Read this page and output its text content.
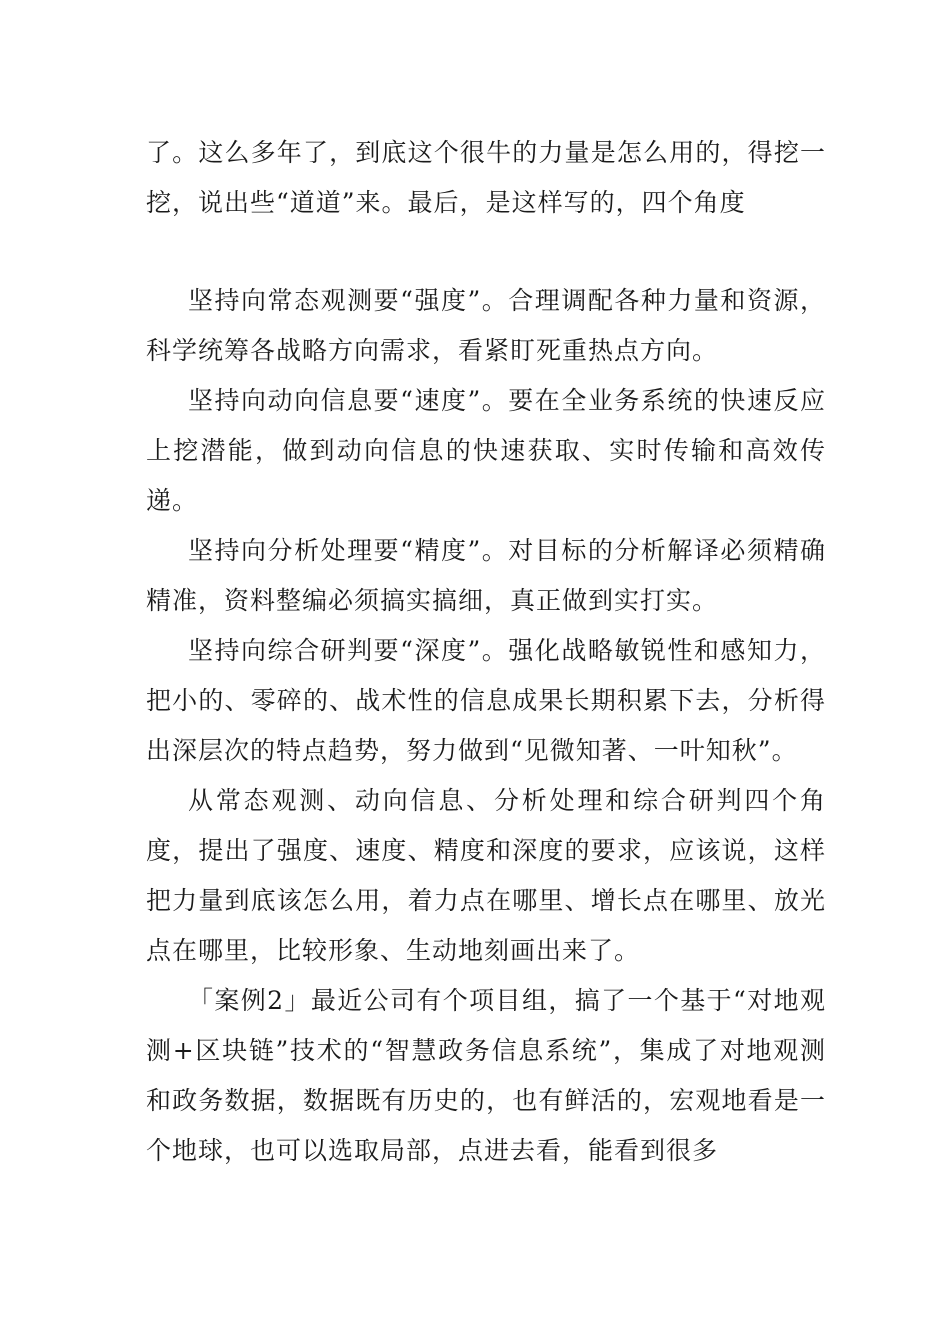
了。这么多年了，到底这个很牛的力量是怎么用的，得挖一挖，说出些“道道”来。最后，是这样写的，四个角度

坚持向常态观测要“强度”。合理调配各种力量和资源，科学统筹各战略方向需求，看紧盯死重热点方向。

坚持向动向信息要“速度”。要在全业务系统的快速反应上挖潜能，做到动向信息的快速获取、实时传输和高效传递。

坚持向分析处理要“精度”。对目标的分析解译必须精确精准，资料整编必须搞实搞细，真正做到实打实。

坚持向综合研判要“深度”。强化战略敏锐性和感知力，把小的、零碎的、战术性的信息成果长期积累下去，分析得出深层次的特点趋势，努力做到“见微知著、一叶知秋”。

从常态观测、动向信息、分析处理和综合研判四个角度，提出了强度、速度、精度和深度的要求，应该说，这样把力量到底该怎么用，着力点在哪里、增长点在哪里、放光点在哪里，比较形象、生动地刻画出来了。

「案例2」最近公司有个项目组，搞了一个基于“对地观测+区块链”技术的“智慧政务信息系统”，集成了对地观测和政务数据，数据既有历史的，也有鲜活的，宏观地看是一个地球，也可以选取局部，点进去看，能看到很多
